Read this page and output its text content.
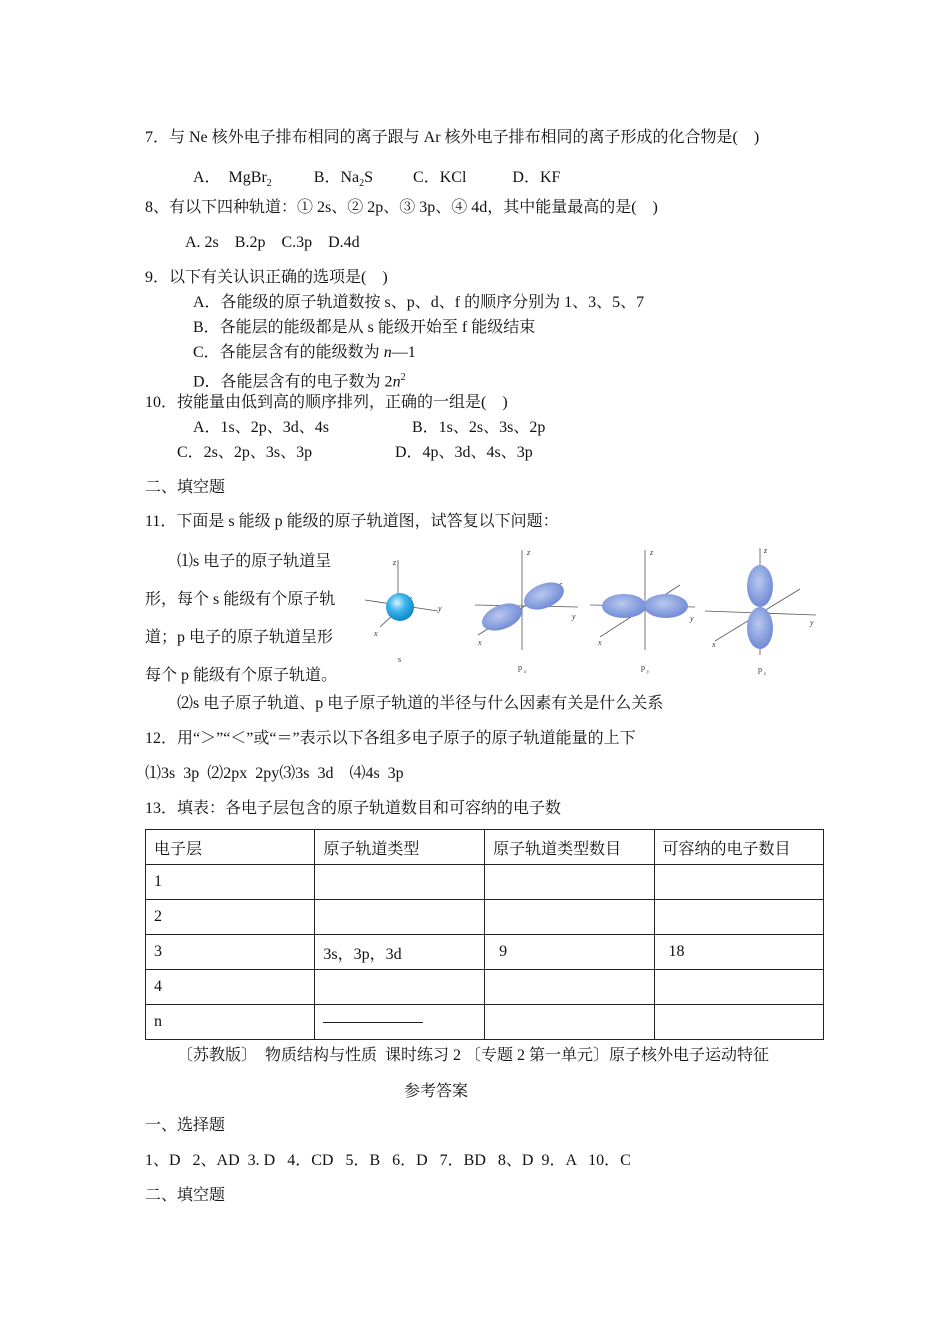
7．与 Ne 核外电子排布相同的离子跟与 Ar 核外电子排布相同的离子形成的化合物是(　)
A．　MgBr$_2$	B．$Na_2S$	C．KCl	D．KF
8、有以下四种轨道：① 2s、② 2p、③ 3p、④ 4d，其中能量最高的是(　)
A. 2s　B.2p　C.3p　D.4d
9．以下有关认识正确的选项是(　)
A．各能级的原子轨道数按 s、p、d、f 的顺序分别为 1、3、5、7
B．各能层的能级都是从 s 能级开始至 f 能级结束
C．各能层含有的能级数为 n—1
D．各能层含有的电子数为 $2n^2$
10．按能量由低到高的顺序排列，正确的一组是(　)
A．1s、2p、3d、4s	B．1s、2s、3s、2p
C．2s、2p、3s、3p	D．4p、3d、4s、3p
二、填空题
11．下面是 s 能级 p 能级的原子轨道图，试答复以下问题：
⑴s 电子的原子轨道呈
形，每个 s 能级有个原子轨
道；p 电子的原子轨道呈形
每个 p 能级有个原子轨道。
z
y
x
s
z
y
x
p
x
z
y
x
p
y
z
y
x
p
z
⑵s 电子原子轨道、p 电子原子轨道的半径与什么因素有关是什么关系
12．用“＞”“＜”或“＝”表示以下各组多电子原子的原子轨道能量的上下
⑴3s  3p  ⑵2px  2py⑶3s  3d    ⑷4s  3p
13．填表：各电子层包含的原子轨道数目和可容纳的电子数
电子层	原子轨道类型	原子轨道类型数目	可容纳的电子数目
1			
2			
3	3s，3p，3d	9	18
4			
n			
〔苏教版〕　物质结构与性质  课时练习 2 〔专题 2 第一单元〕原子核外电子运动特征
参考答案
一、选择题
1、D   2、AD  3. D   4．CD   5．B   6．D   7．BD   8、D  9．A   10．C
二、填空题
